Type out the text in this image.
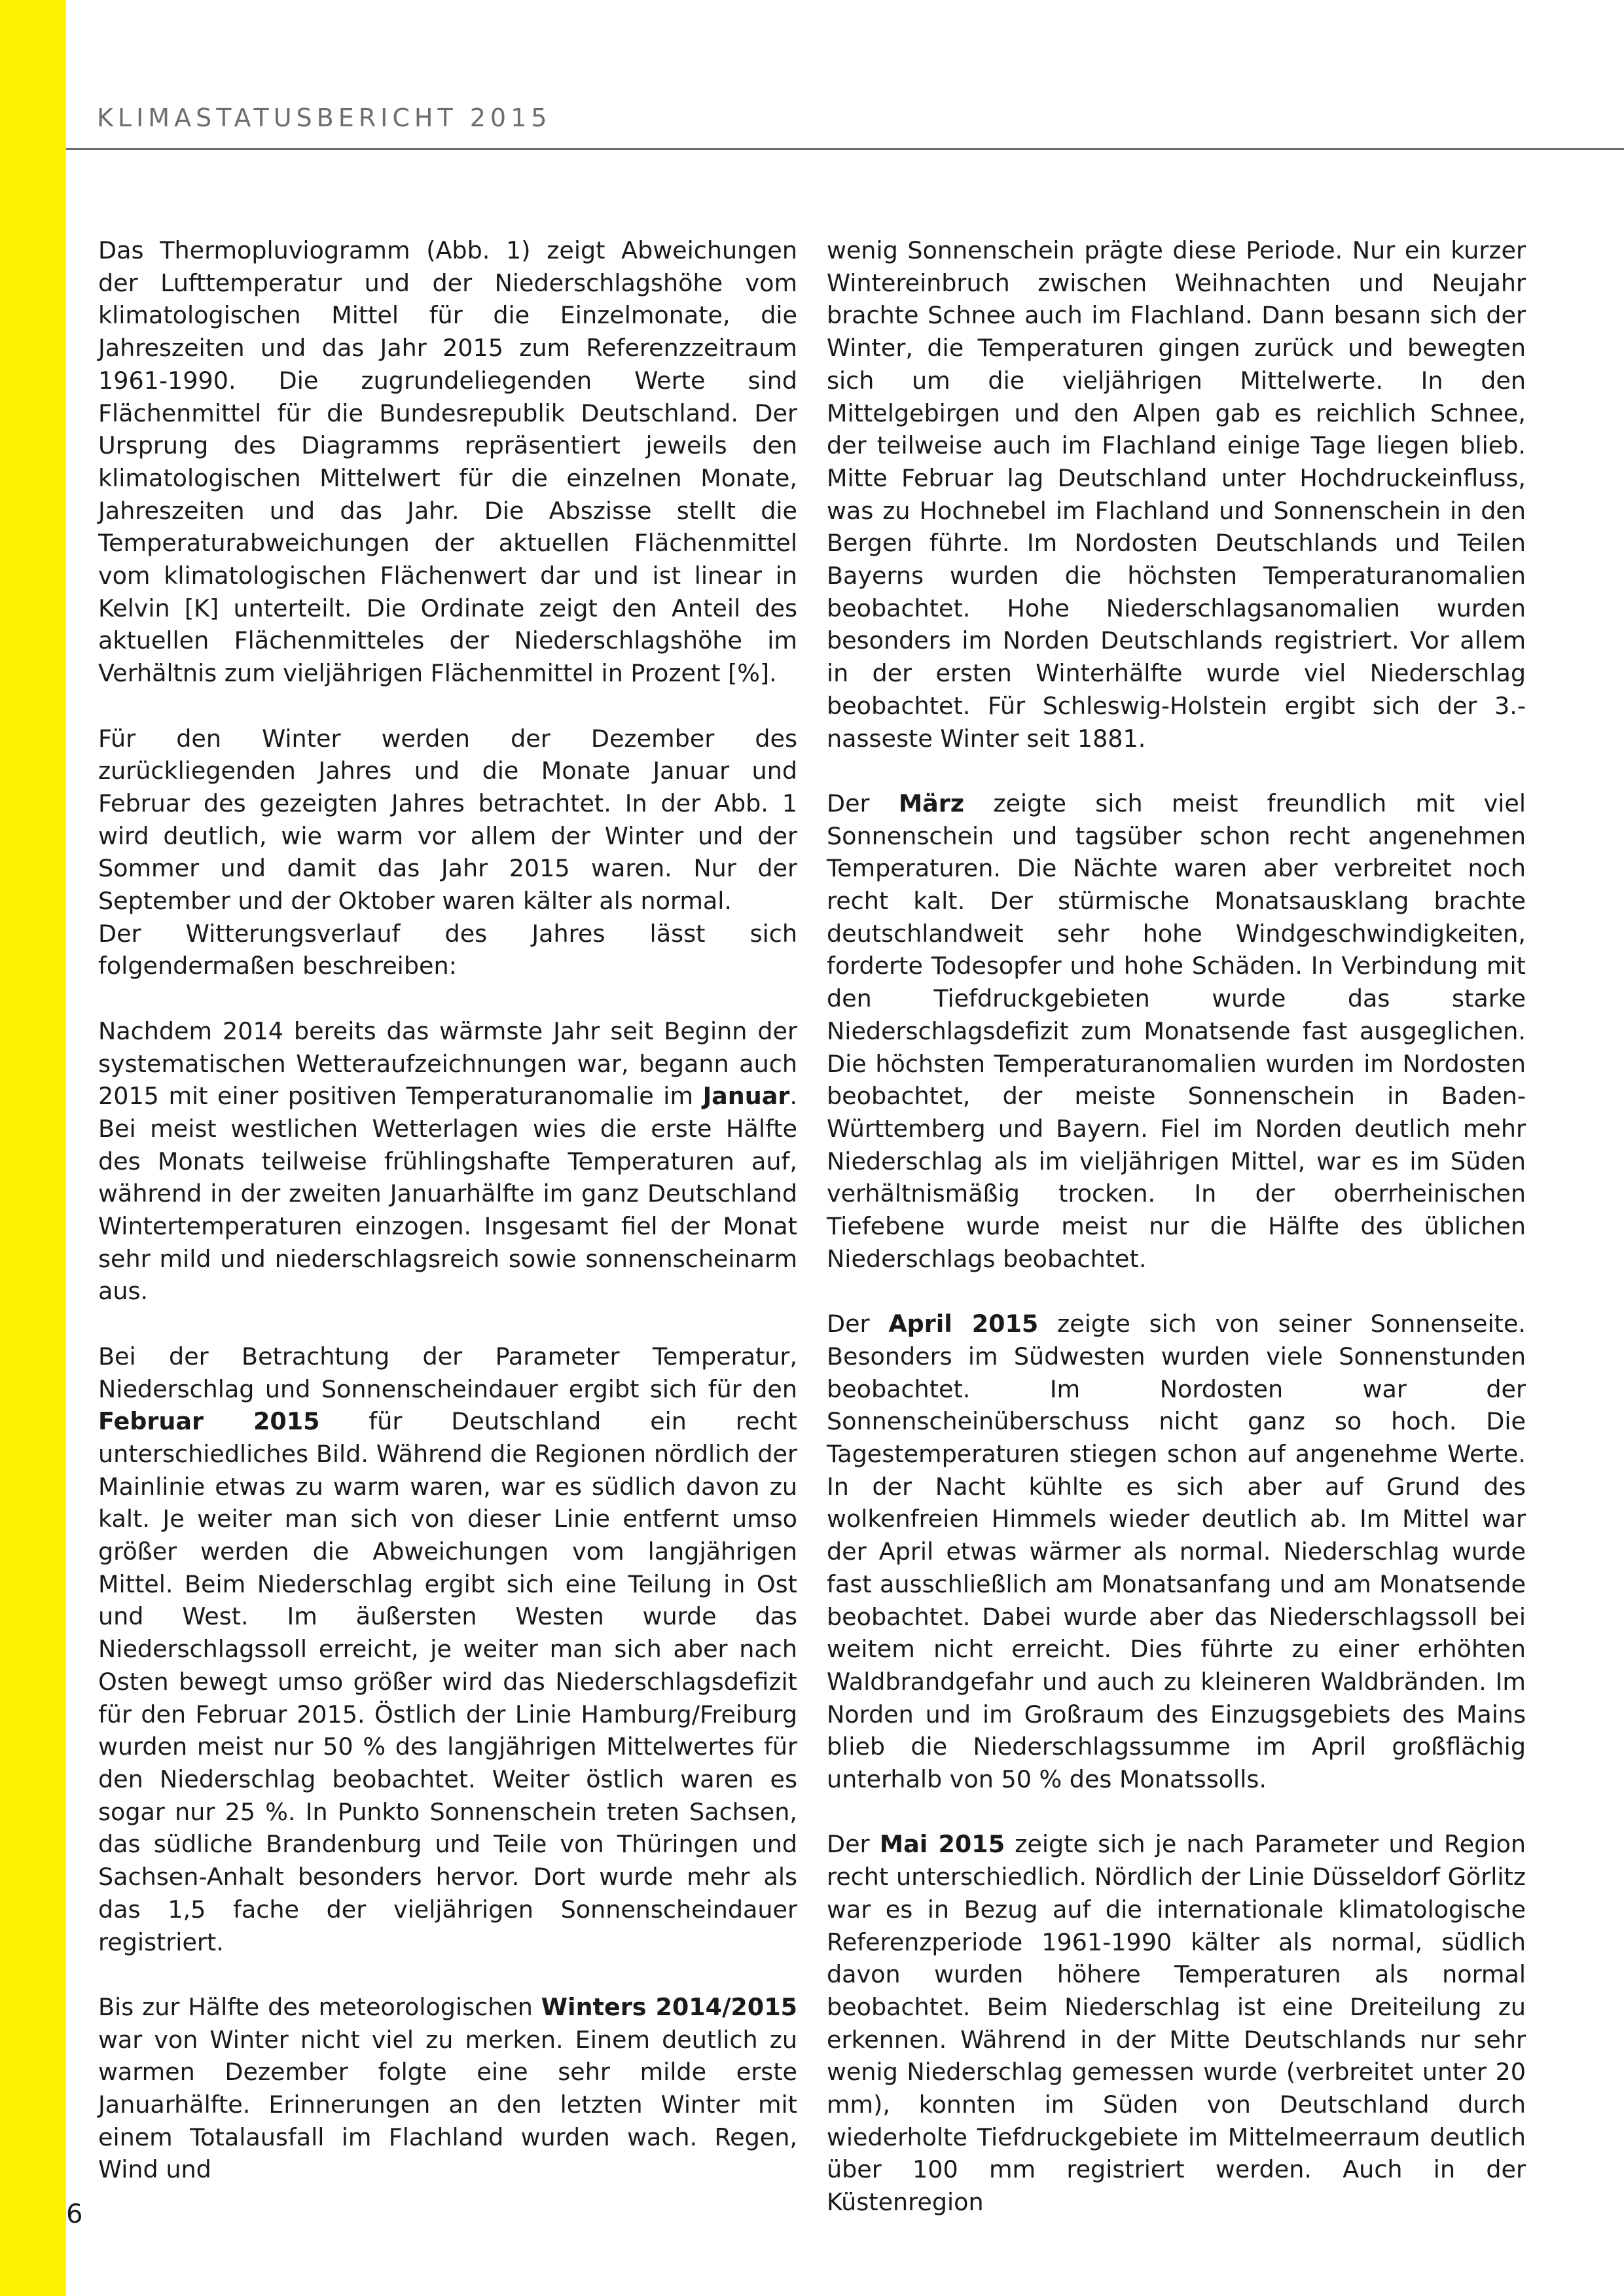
KLIMASTATUSBERICHT 2015

Das Thermopluviogramm (Abb. 1) zeigt Abweichungen der Lufttemperatur und der Niederschlagshöhe vom klimatologischen Mittel für die Einzelmonate, die Jahreszeiten und das Jahr 2015 zum Referenzzeitraum 1961-1990. Die zugrundeliegenden Werte sind Flächenmittel für die Bundesrepublik Deutschland. Der Ursprung des Diagramms repräsentiert jeweils den klimatologischen Mittelwert für die einzelnen Monate, Jahreszeiten und das Jahr. Die Abszisse stellt die Temperaturabweichungen der aktuellen Flächenmittel vom klimatologischen Flächenwert dar und ist linear in Kelvin [K] unterteilt. Die Ordinate zeigt den Anteil des aktuellen Flächenmitteles der Niederschlagshöhe im Verhältnis zum vieljährigen Flächenmittel in Prozent [%].

Für den Winter werden der Dezember des zurückliegenden Jahres und die Monate Januar und Februar des gezeigten Jahres betrachtet. In der Abb. 1 wird deutlich, wie warm vor allem der Winter und der Sommer und damit das Jahr 2015 waren. Nur der September und der Oktober waren kälter als normal.

Der Witterungsverlauf des Jahres lässt sich folgendermaßen beschreiben:

Nachdem 2014 bereits das wärmste Jahr seit Beginn der systematischen Wetteraufzeichnungen war, begann auch 2015 mit einer positiven Temperaturanomalie im Januar. Bei meist westlichen Wetterlagen wies die erste Hälfte des Monats teilweise frühlingshafte Temperaturen auf, während in der zweiten Januarhälfte im ganz Deutschland Wintertemperaturen einzogen. Insgesamt fiel der Monat sehr mild und niederschlagsreich sowie sonnenscheinarm aus.

Bei der Betrachtung der Parameter Temperatur, Niederschlag und Sonnenscheindauer ergibt sich für den Februar 2015 für Deutschland ein recht unterschiedliches Bild. Während die Regionen nördlich der Mainlinie etwas zu warm waren, war es südlich davon zu kalt. Je weiter man sich von dieser Linie entfernt umso größer werden die Abweichungen vom langjährigen Mittel. Beim Niederschlag ergibt sich eine Teilung in Ost und West. Im äußersten Westen wurde das Niederschlagssoll erreicht, je weiter man sich aber nach Osten bewegt umso größer wird das Niederschlagsdefizit für den Februar 2015. Östlich der Linie Hamburg/Freiburg wurden meist nur 50 % des langjährigen Mittelwertes für den Niederschlag beobachtet. Weiter östlich waren es sogar nur 25 %. In Punkto Sonnenschein treten Sachsen, das südliche Brandenburg und Teile von Thüringen und Sachsen-Anhalt besonders hervor. Dort wurde mehr als das 1,5 fache der vieljährigen Sonnenscheindauer registriert.

Bis zur Hälfte des meteorologischen Winters 2014/2015 war von Winter nicht viel zu merken. Einem deutlich zu warmen Dezember folgte eine sehr milde erste Januarhälfte. Erinnerungen an den letzten Winter mit einem Totalausfall im Flachland wurden wach. Regen, Wind und

wenig Sonnenschein prägte diese Periode. Nur ein kurzer Wintereinbruch zwischen Weihnachten und Neujahr brachte Schnee auch im Flachland. Dann besann sich der Winter, die Temperaturen gingen zurück und bewegten sich um die vieljährigen Mittelwerte. In den Mittelgebirgen und den Alpen gab es reichlich Schnee, der teilweise auch im Flachland einige Tage liegen blieb. Mitte Februar lag Deutschland unter Hochdruckeinfluss, was zu Hochnebel im Flachland und Sonnenschein in den Bergen führte. Im Nordosten Deutschlands und Teilen Bayerns wurden die höchsten Temperaturanomalien beobachtet. Hohe Niederschlagsanomalien wurden besonders im Norden Deutschlands registriert. Vor allem in der ersten Winterhälfte wurde viel Niederschlag beobachtet. Für Schleswig-Holstein ergibt sich der 3.-nasseste Winter seit 1881.

Der März zeigte sich meist freundlich mit viel Sonnenschein und tagsüber schon recht angenehmen Temperaturen. Die Nächte waren aber verbreitet noch recht kalt. Der stürmische Monatsausklang brachte deutschlandweit sehr hohe Windgeschwindigkeiten, forderte Todesopfer und hohe Schäden. In Verbindung mit den Tiefdruckgebieten wurde das starke Niederschlagsdefizit zum Monatsende fast ausgeglichen. Die höchsten Temperaturanomalien wurden im Nordosten beobachtet, der meiste Sonnenschein in Baden-Württemberg und Bayern. Fiel im Norden deutlich mehr Niederschlag als im vieljährigen Mittel, war es im Süden verhältnismäßig trocken. In der oberrheinischen Tiefebene wurde meist nur die Hälfte des üblichen Niederschlags beobachtet.

Der April 2015 zeigte sich von seiner Sonnenseite. Besonders im Südwesten wurden viele Sonnenstunden beobachtet. Im Nordosten war der Sonnenscheinüberschuss nicht ganz so hoch. Die Tagestemperaturen stiegen schon auf angenehme Werte. In der Nacht kühlte es sich aber auf Grund des wolkenfreien Himmels wieder deutlich ab. Im Mittel war der April etwas wärmer als normal. Niederschlag wurde fast ausschließlich am Monatsanfang und am Monatsende beobachtet. Dabei wurde aber das Niederschlagssoll bei weitem nicht erreicht. Dies führte zu einer erhöhten Waldbrandgefahr und auch zu kleineren Waldbränden. Im Norden und im Großraum des Einzugsgebiets des Mains blieb die Niederschlagssumme im April großflächig unterhalb von 50 % des Monatssolls.

Der Mai 2015 zeigte sich je nach Parameter und Region recht unterschiedlich. Nördlich der Linie Düsseldorf Görlitz war es in Bezug auf die internationale klimatologische Referenzperiode 1961-1990 kälter als normal, südlich davon wurden höhere Temperaturen als normal beobachtet. Beim Niederschlag ist eine Dreiteilung zu erkennen. Während in der Mitte Deutschlands nur sehr wenig Niederschlag gemessen wurde (verbreitet unter 20 mm), konnten im Süden von Deutschland durch wiederholte Tiefdruckgebiete im Mittelmeerraum deutlich über 100 mm registriert werden. Auch in der Küstenregion

6
